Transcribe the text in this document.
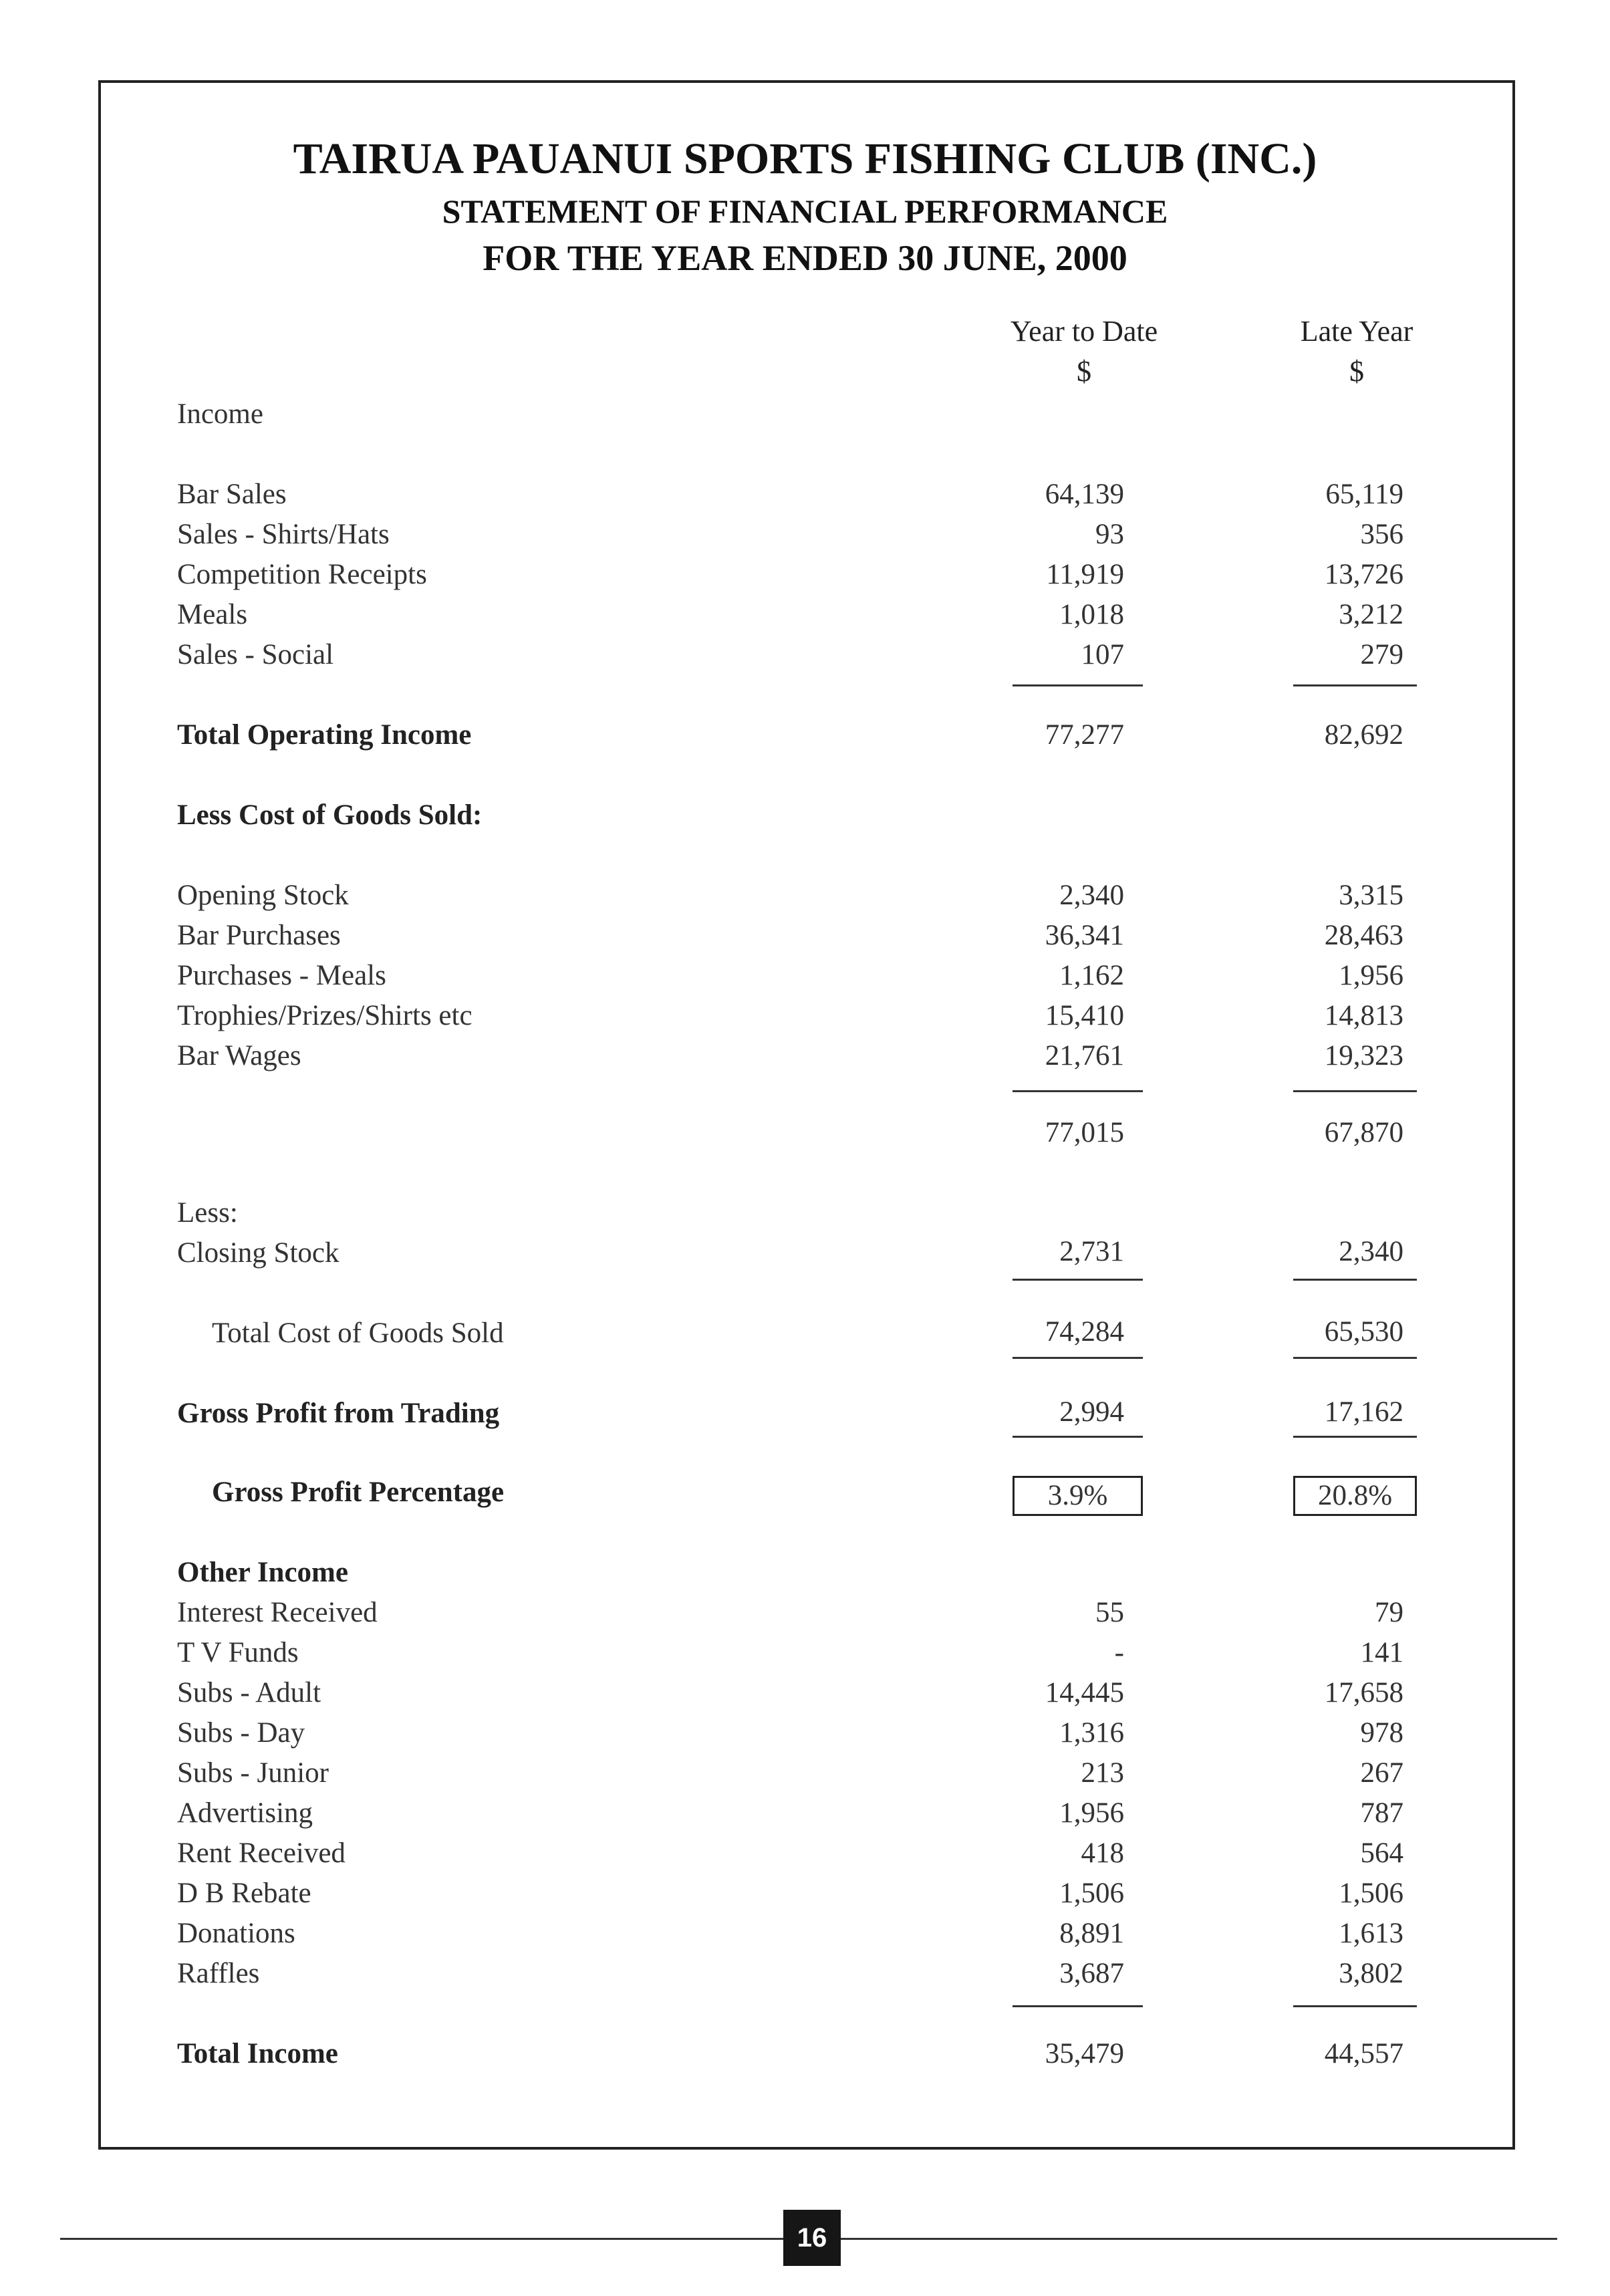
TAIRUA PAUANUI SPORTS FISHING CLUB (INC.)
STATEMENT OF FINANCIAL PERFORMANCE
FOR THE YEAR ENDED 30 JUNE, 2000
Year to Date
$
Late Year
$
Income
Bar Sales	64,139	65,119
Sales - Shirts/Hats	93	356
Competition Receipts	11,919	13,726
Meals	1,018	3,212
Sales - Social	107	279
Total Operating Income	77,277	82,692
Less Cost of Goods Sold:
Opening Stock	2,340	3,315
Bar Purchases	36,341	28,463
Purchases - Meals	1,162	1,956
Trophies/Prizes/Shirts etc	15,410	14,813
Bar Wages	21,761	19,323
77,015	67,870
Less:
Closing Stock	2,731	2,340
Total Cost of Goods Sold	74,284	65,530
Gross Profit from Trading	2,994	17,162
Gross Profit Percentage	3.9%	20.8%
Other Income
Interest Received	55	79
T V Funds	-	141
Subs - Adult	14,445	17,658
Subs - Day	1,316	978
Subs - Junior	213	267
Advertising	1,956	787
Rent Received	418	564
D B Rebate	1,506	1,506
Donations	8,891	1,613
Raffles	3,687	3,802
Total Income	35,479	44,557
16
